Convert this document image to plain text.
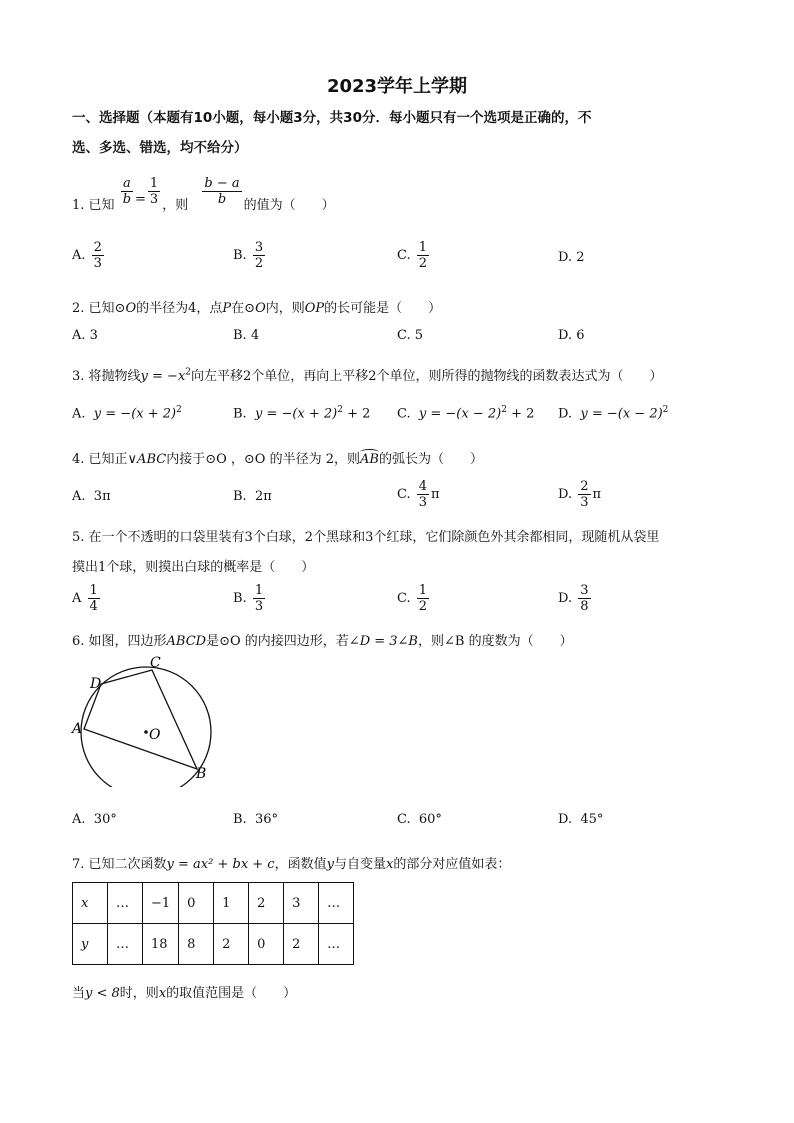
2023学年上学期
一、选择题（本题有10小题，每小题3分，共30分．每小题只有一个选项是正确的，不
选、多选、错选，均不给分）
1. 已知 $\frac{a}{b} = \frac{1}{3}$ ，则 $\frac{b - a}{b}$ 的值为（　　）
A. $\frac{2}{3}$	B. $\frac{3}{2}$	C. $\frac{1}{2}$	D. 2
2. 已知⊙O的半径为4，点P在⊙O内，则OP的长可能是（　　）
A. 3	B. 4	C. 5	D. 6
3. 将抛物线$y = -x^2$向左平移2个单位，再向上平移2个单位，则所得的抛物线的函数表达式为（　　）
A. $y = -(x + 2)^2$	B. $y = -(x + 2)^2 + 2$ C. $y = -(x - 2)^2 + 2$ D. $y = -(x - 2)^2$
4. 已知正∨ABC内接于⊙O ，⊙O 的半径为 2，则AB的弧长为（　　）
A. 3π	B. 2π	C. $\frac{4}{3}$ π	D. $\frac{2}{3}$ π
5. 在一个不透明的口袋里装有3个白球，2个黑球和3个红球，它们除颜色外其余都相同，现随机从袋里
摸出1个球，则摸出白球的概率是（　　）
A $\frac{1}{4}$	B. $\frac{1}{3}$	C. $\frac{1}{2}$	D. $\frac{3}{8}$
6. 如图，四边形ABCD是⊙O 的内接四边形，若∠D = 3∠B，则∠B 的度数为（　　）
A
D
C
B
O
A. 30°	B. 36°	C. 60°	D. 45°
7. 已知二次函数y = ax² + bx + c，函数值y与自变量x的部分对应值如表：
x	…	−1	0	1	2	3	…
y	…	18	8	2	0	2	…
当y < 8时，则x的取值范围是（　　）
